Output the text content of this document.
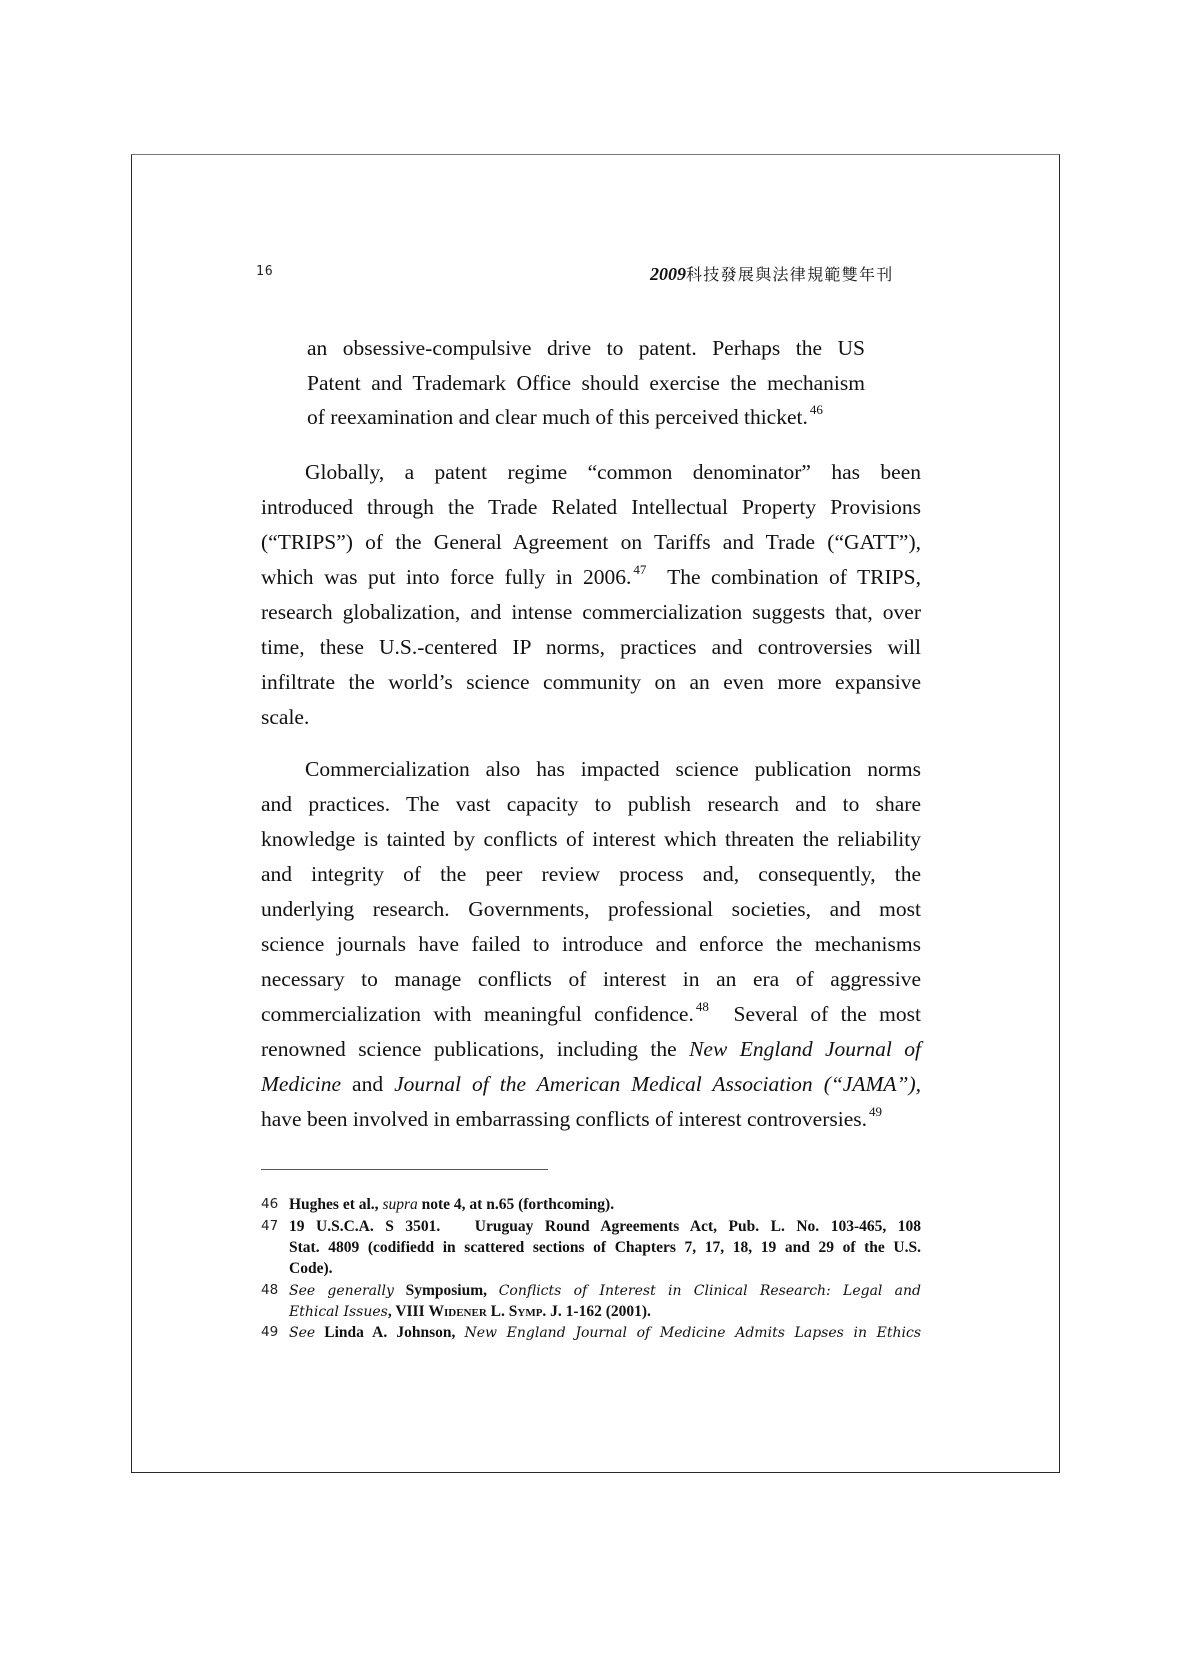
16	2009科技發展與法律規範雙年刊
an obsessive-compulsive drive to patent. Perhaps the US
Patent and Trademark Office should exercise the mechanism
of reexamination and clear much of this perceived thicket. $^{46}$
Globally, a patent regime “common denominator” has been
introduced through the Trade Related Intellectual Property Provisions
(“TRIPS”) of the General Agreement on Tariffs and Trade (“GATT”),
which was put into force fully in 2006. $^{47}$ The combination of TRIPS,
research globalization, and intense commercialization suggests that, over
time, these U.S.-centered IP norms, practices and controversies will
infiltrate the world’s science community on an even more expansive
scale.
Commercialization also has impacted science publication norms
and practices. The vast capacity to publish research and to share
knowledge is tainted by conflicts of interest which threaten the reliability
and integrity of the peer review process and, consequently, the
underlying research. Governments, professional societies, and most
science journals have failed to introduce and enforce the mechanisms
necessary to manage conflicts of interest in an era of aggressive
commercialization with meaningful confidence. $^{48}$ Several of the most
renowned science publications, including the New England Journal of
Medicine and Journal of the American Medical Association (“JAMA”),
have been involved in embarrassing conflicts of interest controversies. $^{49}$
46 Hughes et al., supra note 4, at n.65 (forthcoming).
47 19 U.S.C.A. S 3501.   Uruguay Round Agreements Act, Pub. L. No. 103-465, 108
Stat. 4809 (codifiedd in scattered sections of Chapters 7, 17, 18, 19 and 29 of the U.S.
Code).
48 See generally Symposium, Conflicts of Interest in Clinical Research: Legal and
Ethical Issues, VIII Widener L. Symp. J. 1-162 (2001).
49 See Linda A. Johnson, New England Journal of Medicine Admits Lapses in Ethics
